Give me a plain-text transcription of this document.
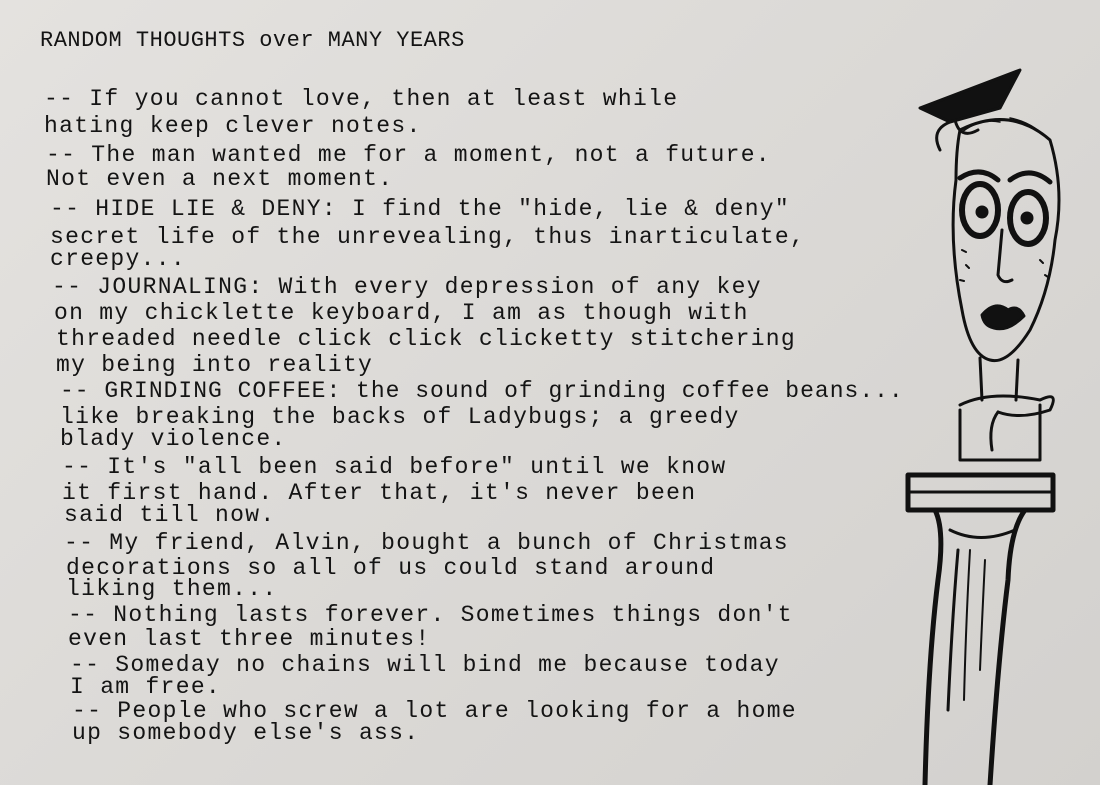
RANDOM THOUGHTS over MANY YEARS
-- If you cannot love, then at least while
hating keep clever notes.
-- The man wanted me for a moment, not a future.
Not even a next moment.
-- HIDE LIE & DENY: I find the "hide, lie & deny"
secret life of the unrevealing, thus inarticulate,
creepy...
-- JOURNALING: With every depression of any key
on my chicklette keyboard, I am as though with
threaded needle click click clicketty stitchering
my being into reality
-- GRINDING COFFEE: the sound of grinding coffee beans...
like breaking the backs of Ladybugs; a greedy
blady violence.
-- It's "all been said before" until we know
it first hand. After that, it's never been
said till now.
-- My friend, Alvin, bought a bunch of Christmas
decorations so all of us could stand around
liking them...
-- Nothing lasts forever. Sometimes things don't
even last three minutes!
-- Someday no chains will bind me because today
I am free.
-- People who screw a lot are looking for a home
up somebody else's ass.
